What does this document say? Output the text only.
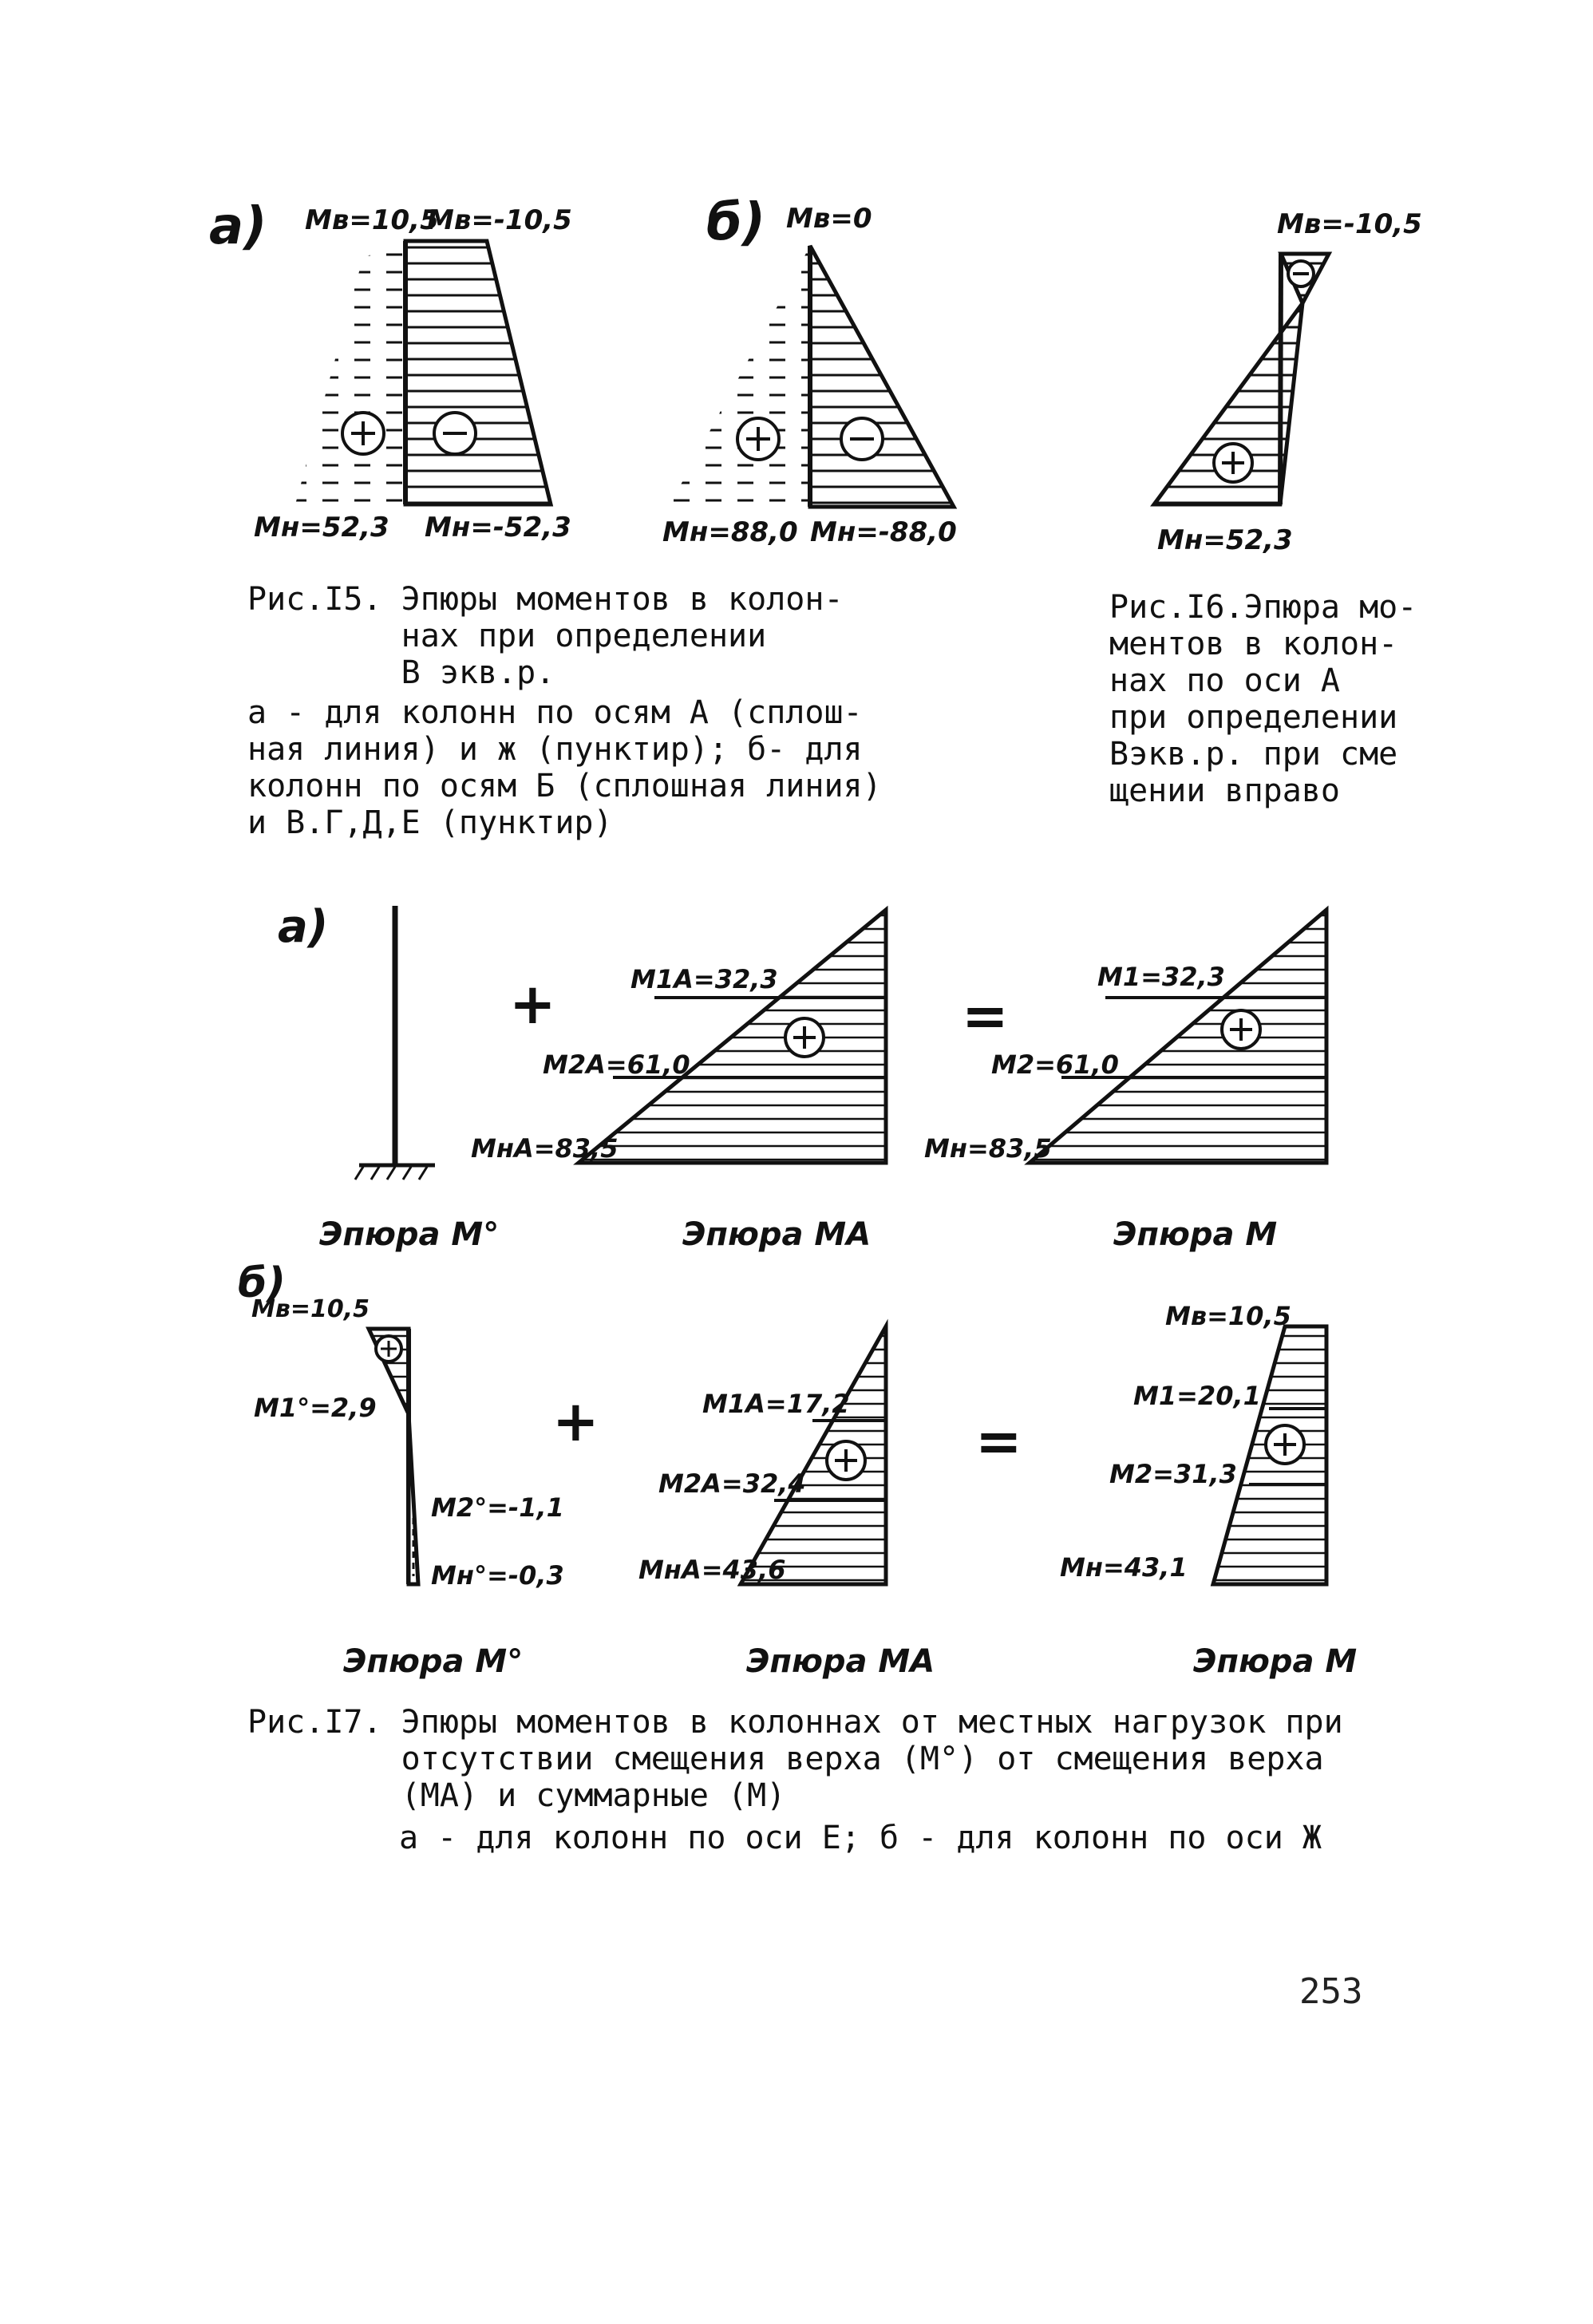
а) Mв=10,5
Mв=-10,5
Mн=52,3 Mн=-52,3
б) Mв=0
Mн=88,0 Mн=-88,0
Mв=-10,5
Mн=52,3
а)
+	M1A=32,3
M2A=61,0
MнA=83,5
=
M1=32,3
M2=61,0
Mн=83,5
Эпюра M°	Эпюра MA	Эпюра M
б)
Mв=10,5
M1°=2,9
M2°=-1,1
Mн°=-0,3
+	M1A=17,2
M2A=32,4
MнA=43,6
=
Mв=10,5
M1=20,1
M2=31,3
Mн=43,1
Эпюра M°	Эпюра MA	Эпюра M

Рис.I5. Эпюры моментов в колон-
нах при определении
В экв.р.

а - для колонн по осям А (сплош-
ная линия) и ж (пунктир); б- для
колонн по осям Б (сплошная линия)
и В.Г,Д,Е (пунктир)

Рис.I6.Эпюра мо-
ментов в колон-
нах по оси А
при определении
Вэкв.р. при сме
щении вправо

Рис.I7. Эпюры моментов в колоннах от местных нагрузок при
отсутствии смещения верха (M°) от смещения верха
(MA) и суммарные (M)

а - для колонн по оси Е; б - для колонн по оси Ж

253
